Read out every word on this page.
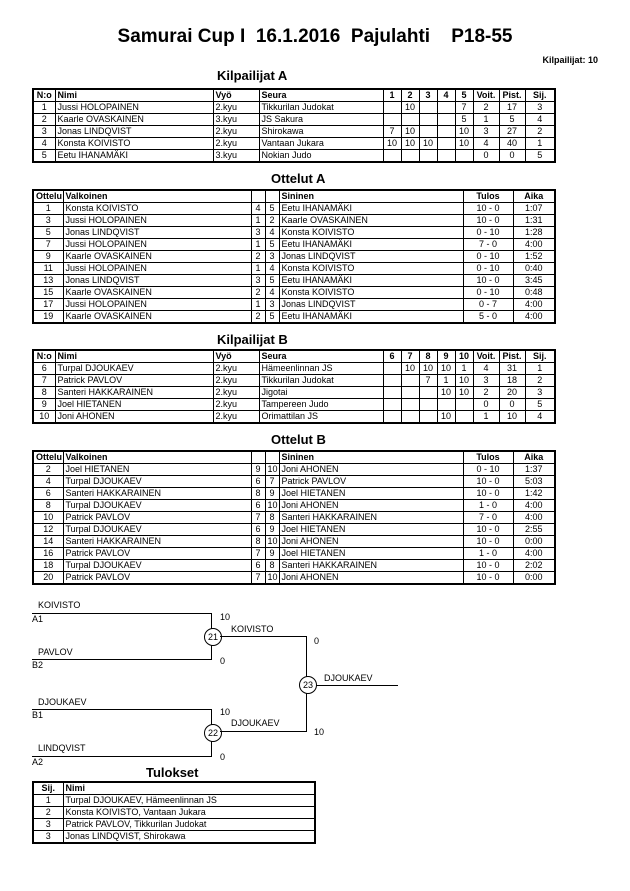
Samurai Cup I  16.1.2016  Pajulahti    P18-55
Kilpailijat: 10
Kilpailijat A
N:o	Nimi	Vyö	Seura	1	2	3	4	5	Voit.	Pist.	Sij.
1	Jussi HOLOPAINEN	2.kyu	Tikkurilan Judokat		10			7	2	17	3
2	Kaarle OVASKAINEN	3.kyu	JS Sakura					5	1	5	4
3	Jonas LINDQVIST	2.kyu	Shirokawa	7	10			10	3	27	2
4	Konsta KOIVISTO	2.kyu	Vantaan Jukara	10	10	10		10	4	40	1
5	Eetu IHANAMÄKI	3.kyu	Nokian Judo						0	0	5
Ottelut A
Ottelu	Valkoinen			Sininen	Tulos	Aika
1	Konsta KOIVISTO	4	5	Eetu IHANAMÄKI	10 - 0	1:07
3	Jussi HOLOPAINEN	1	2	Kaarle OVASKAINEN	10 - 0	1:31
5	Jonas LINDQVIST	3	4	Konsta KOIVISTO	0 - 10	1:28
7	Jussi HOLOPAINEN	1	5	Eetu IHANAMÄKI	7 - 0	4:00
9	Kaarle OVASKAINEN	2	3	Jonas LINDQVIST	0 - 10	1:52
11	Jussi HOLOPAINEN	1	4	Konsta KOIVISTO	0 - 10	0:40
13	Jonas LINDQVIST	3	5	Eetu IHANAMÄKI	10 - 0	3:45
15	Kaarle OVASKAINEN	2	4	Konsta KOIVISTO	0 - 10	0:48
17	Jussi HOLOPAINEN	1	3	Jonas LINDQVIST	0 - 7	4:00
19	Kaarle OVASKAINEN	2	5	Eetu IHANAMÄKI	5 - 0	4:00
Kilpailijat B
N:o	Nimi	Vyö	Seura	6	7	8	9	10	Voit.	Pist.	Sij.
6	Turpal DJOUKAEV	2.kyu	Hämeenlinnan JS		10	10	10	1	4	31	1
7	Patrick PAVLOV	2.kyu	Tikkurilan Judokat			7	1	10	3	18	2
8	Santeri HAKKARAINEN	2.kyu	Jigotai				10	10	2	20	3
9	Joel HIETANEN	2.kyu	Tampereen Judo						0	0	5
10	Joni AHONEN	2.kyu	Orimattilan JS				10		1	10	4
Ottelut B
Ottelu	Valkoinen			Sininen	Tulos	Aika
2	Joel HIETANEN	9	10	Joni AHONEN	0 - 10	1:37
4	Turpal DJOUKAEV	6	7	Patrick PAVLOV	10 - 0	5:03
6	Santeri HAKKARAINEN	8	9	Joel HIETANEN	10 - 0	1:42
8	Turpal DJOUKAEV	6	10	Joni AHONEN	1 - 0	4:00
10	Patrick PAVLOV	7	8	Santeri HAKKARAINEN	7 - 0	4:00
12	Turpal DJOUKAEV	6	9	Joel HIETANEN	10 - 0	2:55
14	Santeri HAKKARAINEN	8	10	Joni AHONEN	10 - 0	0:00
16	Patrick PAVLOV	7	9	Joel HIETANEN	1 - 0	4:00
18	Turpal DJOUKAEV	6	8	Santeri HAKKARAINEN	10 - 0	2:02
20	Patrick PAVLOV	7	10	Joni AHONEN	10 - 0	0:00
KOIVISTO
A1	10
PAVLOV
B2	0
21
KOIVISTO
0
23
DJOUKAEV
DJOUKAEV
B1	10
22
DJOUKAEV
10
LINDQVIST
A2	0
Tulokset
Sij.	Nimi
1	Turpal DJOUKAEV, Hämeenlinnan JS
2	Konsta KOIVISTO, Vantaan Jukara
3	Patrick PAVLOV, Tikkurilan Judokat
3	Jonas LINDQVIST, Shirokawa
